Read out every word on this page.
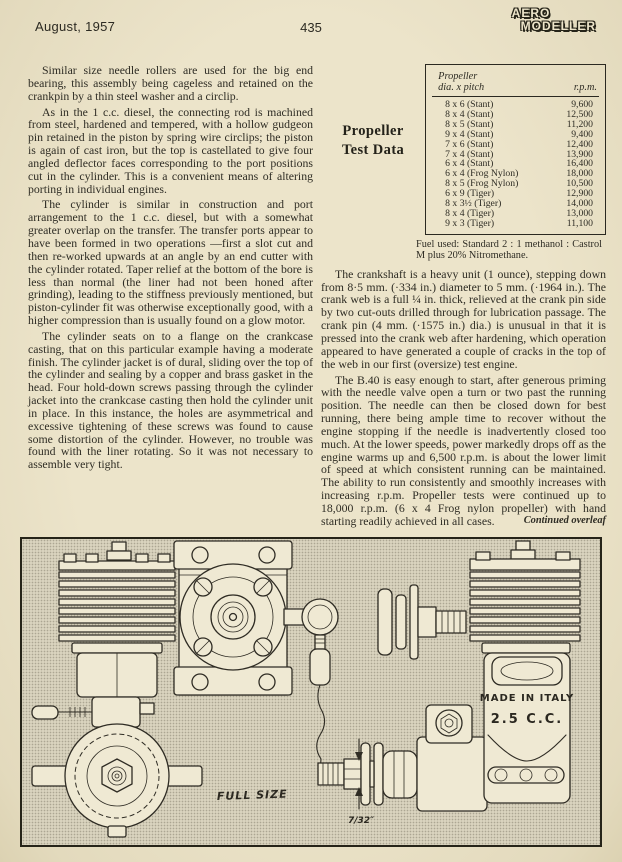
August, 1957	435
AERO
MODELLER

Similar size needle rollers are used for the big end bearing, this assembly being cageless and retained on the crankpin by a thin steel washer and a circlip.

As in the 1 c.c. diesel, the connecting rod is machined from steel, hardened and tempered, with a hollow gudgeon pin retained in the piston by spring wire circlips; the piston is again of cast iron, but the top is castellated to give four angled deflector faces corresponding to the port positions cut in the cylinder. This is a convenient means of altering porting in individual engines.

The cylinder is similar in construction and port arrangement to the 1 c.c. diesel, but with a somewhat greater overlap on the transfer. The transfer ports appear to have been formed in two operations —first a slot cut and then re-worked upwards at an angle by an end cutter with the cylinder rotated. Taper relief at the bottom of the bore is less than normal (the liner had not been honed after grinding), leading to the stiffness previously mentioned, but piston-cylinder fit was otherwise exceptionally good, with a higher compression than is usually found on a glow motor.

The cylinder seats on to a flange on the crankcase casting, that on this particular example having a moderate finish. The cylinder jacket is of dural, sliding over the top of the cylinder and sealing by a copper and brass gasket in the head. Four hold-down screws passing through the cylinder jacket into the crankcase casting then hold the cylinder unit in place. In this instance, the holes are asymmetrical and excessive tightening of these screws was found to cause some distortion of the cylinder. However, no trouble was found with the liner rotating. So it was not necessary to assemble very tight.

Propeller
Test Data
Propeller
dia. x pitch	r.p.m.
8 x 6 (Stant)	9,600
8 x 4 (Stant)	12,500
8 x 5 (Stant)	11,200
9 x 4 (Stant)	9,400
7 x 6 (Stant)	12,400
7 x 4 (Stant)	13,900
6 x 4 (Stant)	16,400
6 x 4 (Frog Nylon)	18,000
8 x 5 (Frog Nylon)	10,500
6 x 9 (Tiger)	12,900
8 x 3½ (Tiger)	14,000
8 x 4 (Tiger)	13,000
9 x 3 (Tiger)	11,100
Fuel used: Standard 2 : 1 methanol : Castrol M plus 20% Nitromethane.

The crankshaft is a heavy unit (1 ounce), stepping down from 8·5 mm. (·334 in.) diameter to 5 mm. (·1964 in.). The crank web is a full ¼ in. thick, relieved at the crank pin side by two cut-outs drilled through for lubrication passage. The crank pin (4 mm. (·1575 in.) dia.) is unusual in that it is pressed into the crank web after hardening, which operation appeared to have generated a couple of cracks in the top of the web in our first (oversize) test engine.

The B.40 is easy enough to start, after generous priming with the needle valve open a turn or two past the running position. The needle can then be closed down for best running, there being ample time to recover without the engine stopping if the needle is inadvertently closed too much. At the lower speeds, power markedly drops off as the engine warms up and 6,500 r.p.m. is about the lower limit of speed at which consistent running can be maintained. The ability to run consistently and smoothly increases with increasing r.p.m. Propeller tests were continued up to 18,000 r.p.m. (6 x 4 Frog nylon propeller) with hand starting readily achieved in all cases.	Continued overleaf
FULL SIZE
7/32″
MADE IN ITALY
2.5 C.C.
